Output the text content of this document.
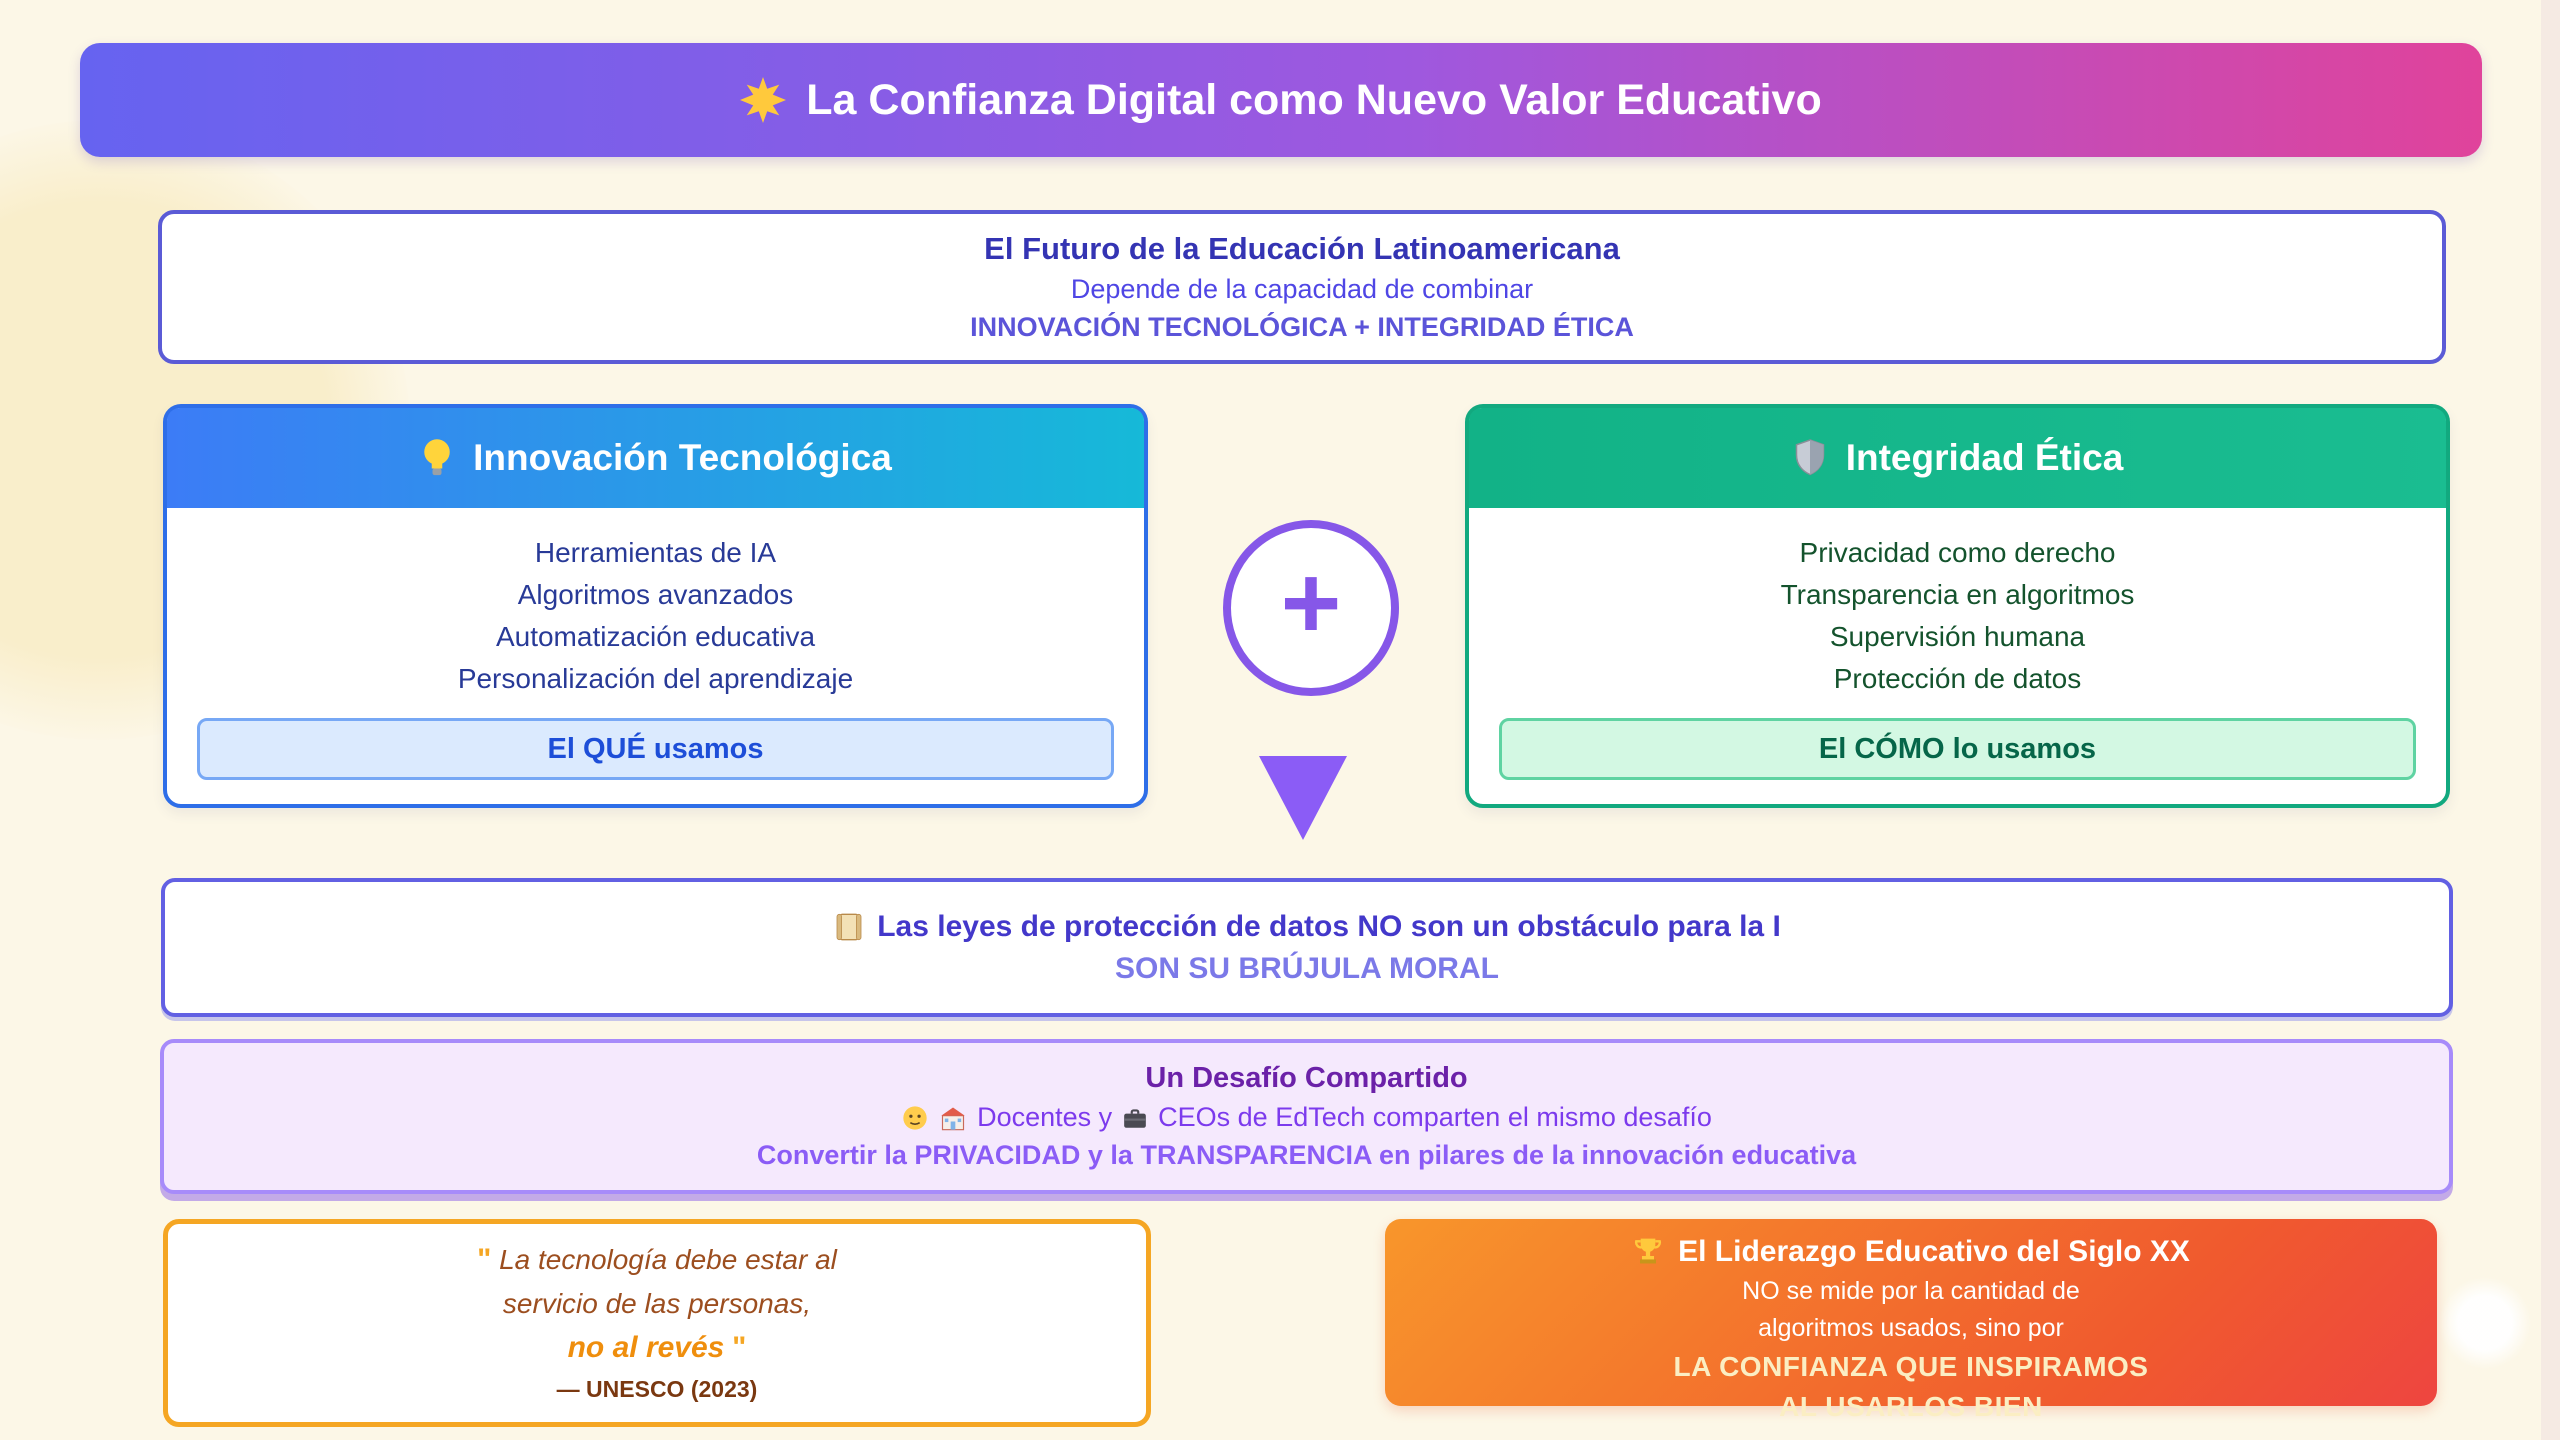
La Confianza Digital como Nuevo Valor Educativo
El Futuro de la Educación Latinoamericana
Depende de la capacidad de combinar
INNOVACIÓN TECNOLÓGICA + INTEGRIDAD ÉTICA
Innovación Tecnológica
Herramientas de IA
Algoritmos avanzados
Automatización educativa
Personalización del aprendizaje
El QUÉ usamos
Integridad Ética
Privacidad como derecho
Transparencia en algoritmos
Supervisión humana
Protección de datos
El CÓMO lo usamos
+
Las leyes de protección de datos NO son un obstáculo para la I
SON SU BRÚJULA MORAL
Un Desafío Compartido
Docentes y CEOs de EdTech comparten el mismo desafío
Convertir la PRIVACIDAD y la TRANSPARENCIA en pilares de la innovación educativa
" La tecnología debe estar al
servicio de las personas,
no al revés "
— UNESCO (2023)
El Liderazgo Educativo del Siglo XX
NO se mide por la cantidad de
algoritmos usados, sino por
LA CONFIANZA QUE INSPIRAMOS
AL USARLOS BIEN
